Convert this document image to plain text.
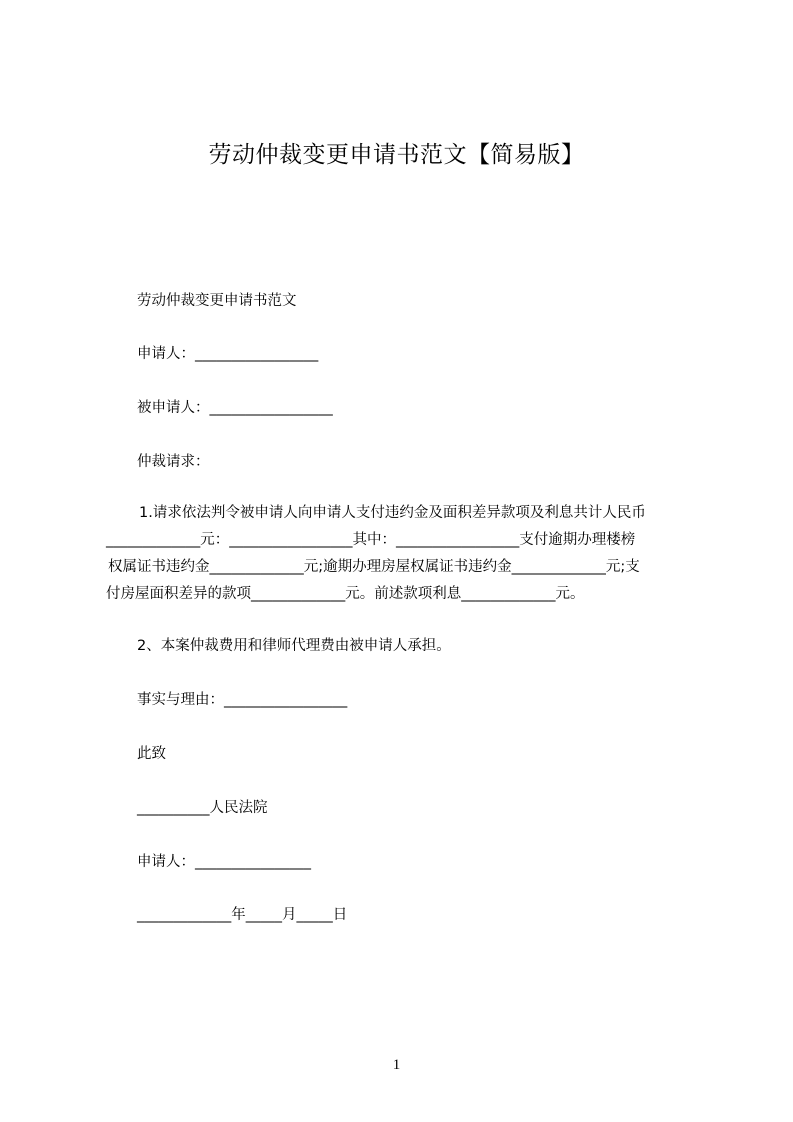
劳动仲裁变更申请书范文【简易版】
劳动仲裁变更申请书范文
申请人：_________________
被申请人：_________________
仲裁请求：
1.请求依法判令被申请人向申请人支付违约金及面积差异款项及利息共计人民币
_____________元：_________________其中：_________________支付逾期办理楼榜
权属证书违约金_____________元;逾期办理房屋权属证书违约金_____________元;支
付房屋面积差异的款项_____________元。前述款项利息_____________元。
2、本案仲裁费用和律师代理费由被申请人承担。
事实与理由：_________________
此致
__________人民法院
申请人：________________
_____________年_____月_____日
1
